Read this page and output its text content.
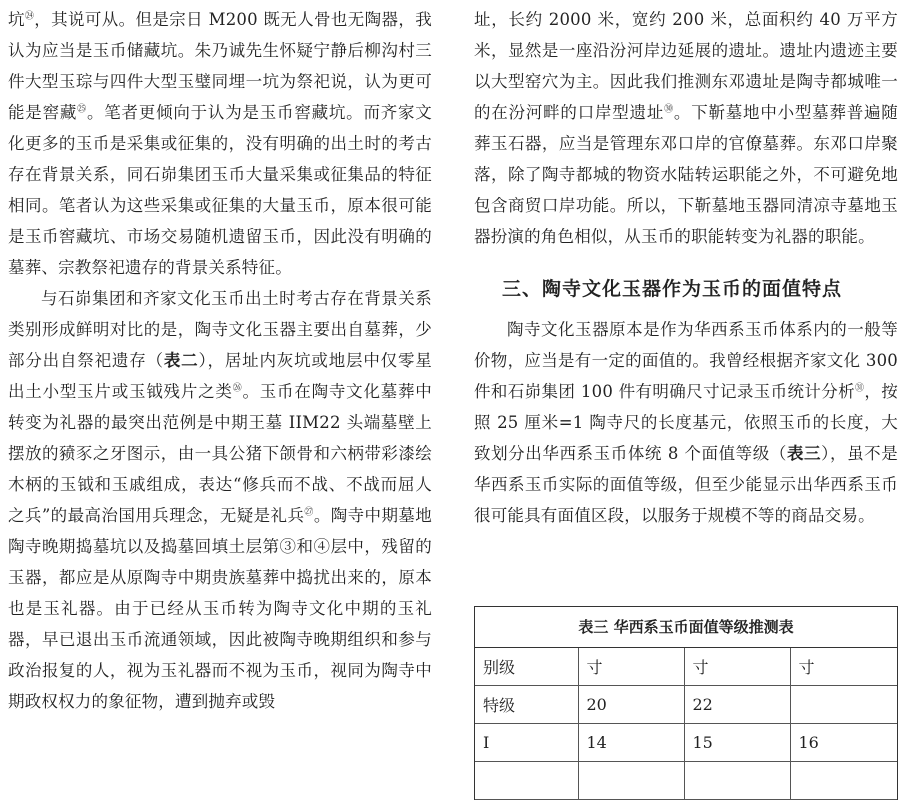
坑$^㉔$，其说可从。但是宗日 M200 既无人骨也无陶器，我认为应当是玉币储藏坑。朱乃诚先生怀疑宁静后柳沟村三件大型玉琮与四件大型玉璧同埋一坑为祭祀说，认为更可能是窖藏$^㉕$。笔者更倾向于认为是玉币窖藏坑。而齐家文化更多的玉币是采集或征集的，没有明确的出土时的考古存在背景关系，同石峁集团玉币大量采集或征集品的特征相同。笔者认为这些采集或征集的大量玉币，原本很可能是玉币窖藏坑、市场交易随机遗留玉币，因此没有明确的墓葬、宗教祭祀遗存的背景关系特征。

与石峁集团和齐家文化玉币出土时考古存在背景关系类别形成鲜明对比的是，陶寺文化玉器主要出自墓葬，少部分出自祭祀遗存（表二），居址内灰坑或地层中仅零星出土小型玉片或玉钺残片之类$^㉖$。玉币在陶寺文化墓葬中转变为礼器的最突出范例是中期王墓 IIM22 头端墓壁上摆放的豮豕之牙图示，由一具公猪下颌骨和六柄带彩漆绘木柄的玉钺和玉戚组成，表达“修兵而不战、不战而屈人之兵”的最高治国用兵理念，无疑是礼兵$^㉗$。陶寺中期墓地陶寺晚期捣墓坑以及捣墓回填土层第③和④层中，残留的玉器，都应是从原陶寺中期贵族墓葬中捣扰出来的，原本也是玉礼器。由于已经从玉币转为陶寺文化中期的玉礼器，早已退出玉币流通领域，因此被陶寺晚期组织和参与政治报复的人，视为玉礼器而不视为玉币，视同为陶寺中期政权权力的象征物，遭到抛弃或毁

址，长约 2000 米，宽约 200 米，总面积约 40 万平方米，显然是一座沿汾河岸边延展的遗址。遗址内遗迹主要以大型窑穴为主。因此我们推测东邓遗址是陶寺都城唯一的在汾河畔的口岸型遗址$^㉚$。下靳墓地中小型墓葬普遍随葬玉石器，应当是管理东邓口岸的官僚墓葬。东邓口岸聚落，除了陶寺都城的物资水陆转运职能之外，不可避免地包含商贸口岸功能。所以，下靳墓地玉器同清凉寺墓地玉器扮演的角色相似，从玉币的职能转变为礼器的职能。

三、陶寺文化玉器作为玉币的面值特点

陶寺文化玉器原本是作为华西系玉币体系内的一般等价物，应当是有一定的面值的。我曾经根据齐家文化 300 件和石峁集团 100 件有明确尺寸记录玉币统计分析$^㉛$，按照 25 厘米=1 陶寺尺的长度基元，依照玉币的长度，大致划分出华西系玉币体统 8 个面值等级（表三），虽不是华西系玉币实际的面值等级，但至少能显示出华西系玉币很可能具有面值区段，以服务于规模不等的商品交易。

表三 华西系玉币面值等级推测表
别级	寸	寸	寸
特级	20	22	
I	14	15	16
